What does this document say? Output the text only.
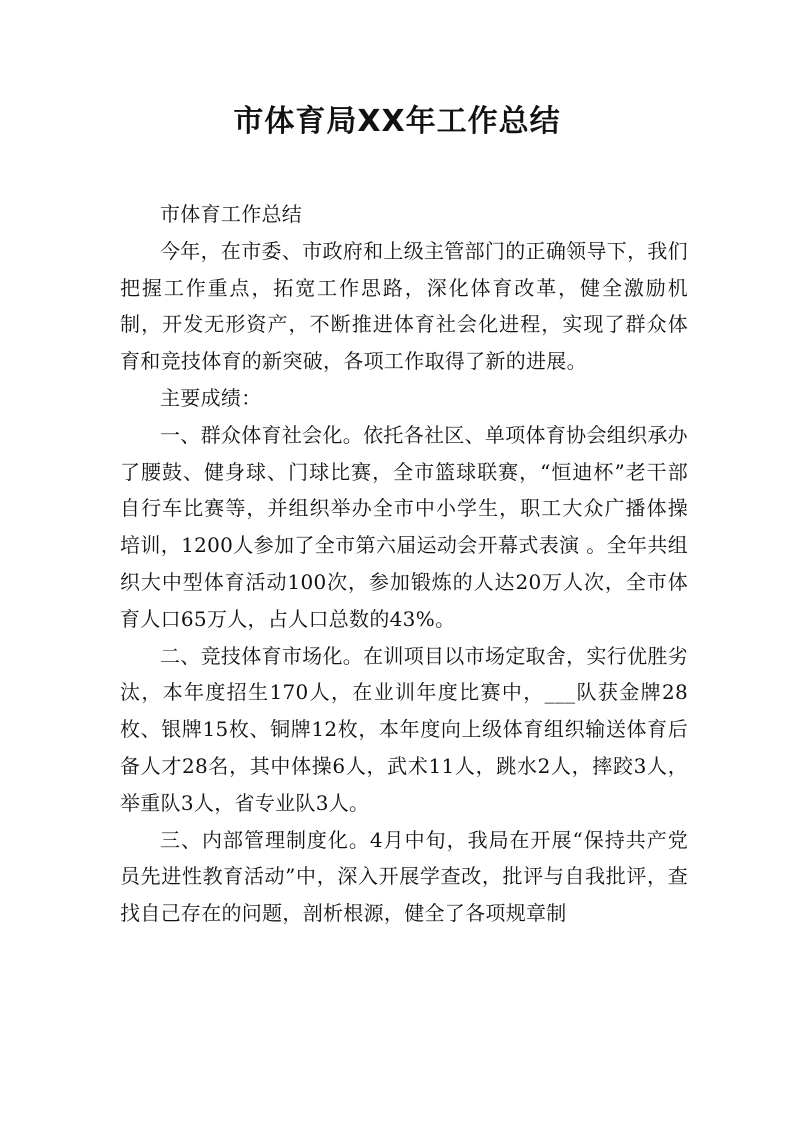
市体育局XX年工作总结

市体育工作总结

今年，在市委、市政府和上级主管部门的正确领导下，我们把握工作重点，拓宽工作思路，深化体育改革，健全激励机制，开发无形资产，不断推进体育社会化进程，实现了群众体育和竞技体育的新突破，各项工作取得了新的进展。

主要成绩：

一、群众体育社会化。依托各社区、单项体育协会组织承办了腰鼓、健身球、门球比赛，全市篮球联赛，“恒迪杯”老干部自行车比赛等，并组织举办全市中小学生，职工大众广播体操培训，1200人参加了全市第六届运动会开幕式表演 。全年共组织大中型体育活动100次，参加锻炼的人达20万人次，全市体育人口65万人，占人口总数的43%。

二、竞技体育市场化。在训项目以市场定取舍，实行优胜劣汰，本年度招生170人，在业训年度比赛中，___队获金牌28枚、银牌15枚、铜牌12枚，本年度向上级体育组织输送体育后备人才28名，其中体操6人，武术11人，跳水2人，摔跤3人，举重队3人，省专业队3人。

三、内部管理制度化。4月中旬，我局在开展“保持共产党员先进性教育活动”中，深入开展学查改，批评与自我批评，查找自己存在的问题，剖析根源，健全了各项规章制
